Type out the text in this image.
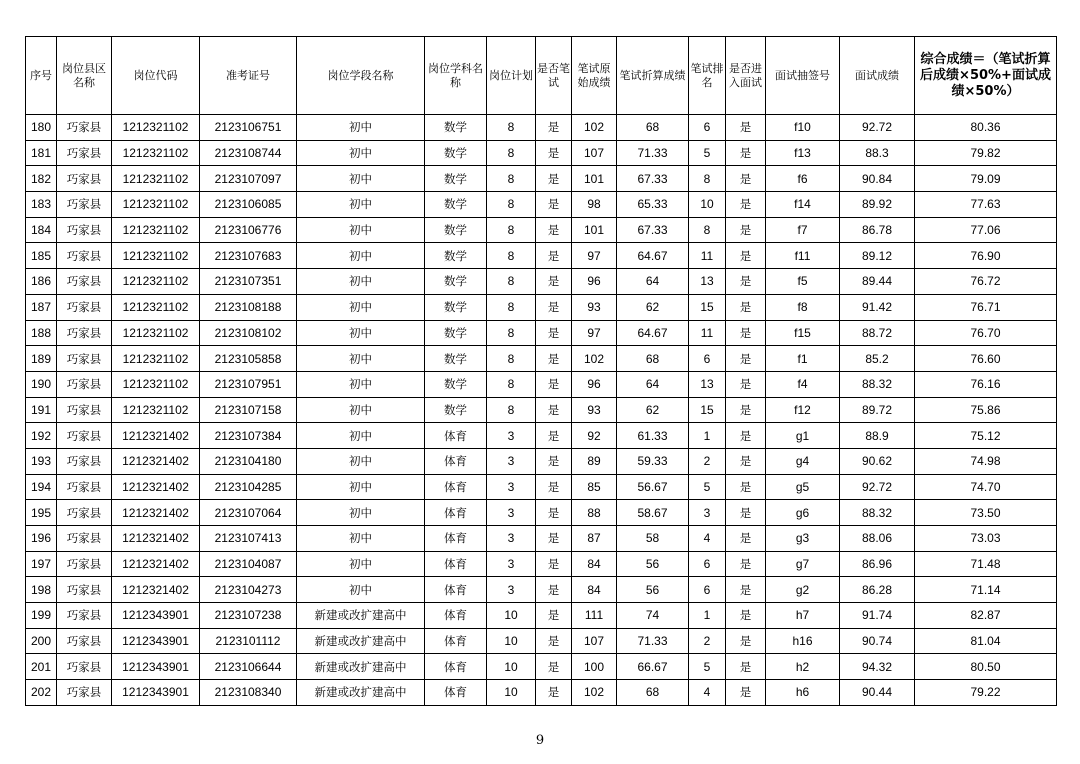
序号	岗位县区名称	岗位代码	准考证号	岗位学段名称	岗位学科名称	岗位计划	是否笔试	笔试原始成绩	笔试折算成绩	笔试排名	是否进入面试	面试抽签号	面试成绩	综合成绩＝（笔试折算后成绩×50%+面试成绩×50%）
180	巧家县	1212321102	2123106751	初中	数学	8	是	102	68	6	是	f10	92.72	80.36
181	巧家县	1212321102	2123108744	初中	数学	8	是	107	71.33	5	是	f13	88.3	79.82
182	巧家县	1212321102	2123107097	初中	数学	8	是	101	67.33	8	是	f6	90.84	79.09
183	巧家县	1212321102	2123106085	初中	数学	8	是	98	65.33	10	是	f14	89.92	77.63
184	巧家县	1212321102	2123106776	初中	数学	8	是	101	67.33	8	是	f7	86.78	77.06
185	巧家县	1212321102	2123107683	初中	数学	8	是	97	64.67	11	是	f11	89.12	76.90
186	巧家县	1212321102	2123107351	初中	数学	8	是	96	64	13	是	f5	89.44	76.72
187	巧家县	1212321102	2123108188	初中	数学	8	是	93	62	15	是	f8	91.42	76.71
188	巧家县	1212321102	2123108102	初中	数学	8	是	97	64.67	11	是	f15	88.72	76.70
189	巧家县	1212321102	2123105858	初中	数学	8	是	102	68	6	是	f1	85.2	76.60
190	巧家县	1212321102	2123107951	初中	数学	8	是	96	64	13	是	f4	88.32	76.16
191	巧家县	1212321102	2123107158	初中	数学	8	是	93	62	15	是	f12	89.72	75.86
192	巧家县	1212321402	2123107384	初中	体育	3	是	92	61.33	1	是	g1	88.9	75.12
193	巧家县	1212321402	2123104180	初中	体育	3	是	89	59.33	2	是	g4	90.62	74.98
194	巧家县	1212321402	2123104285	初中	体育	3	是	85	56.67	5	是	g5	92.72	74.70
195	巧家县	1212321402	2123107064	初中	体育	3	是	88	58.67	3	是	g6	88.32	73.50
196	巧家县	1212321402	2123107413	初中	体育	3	是	87	58	4	是	g3	88.06	73.03
197	巧家县	1212321402	2123104087	初中	体育	3	是	84	56	6	是	g7	86.96	71.48
198	巧家县	1212321402	2123104273	初中	体育	3	是	84	56	6	是	g2	86.28	71.14
199	巧家县	1212343901	2123107238	新建或改扩建高中	体育	10	是	111	74	1	是	h7	91.74	82.87
200	巧家县	1212343901	2123101112	新建或改扩建高中	体育	10	是	107	71.33	2	是	h16	90.74	81.04
201	巧家县	1212343901	2123106644	新建或改扩建高中	体育	10	是	100	66.67	5	是	h2	94.32	80.50
202	巧家县	1212343901	2123108340	新建或改扩建高中	体育	10	是	102	68	4	是	h6	90.44	79.22
9
